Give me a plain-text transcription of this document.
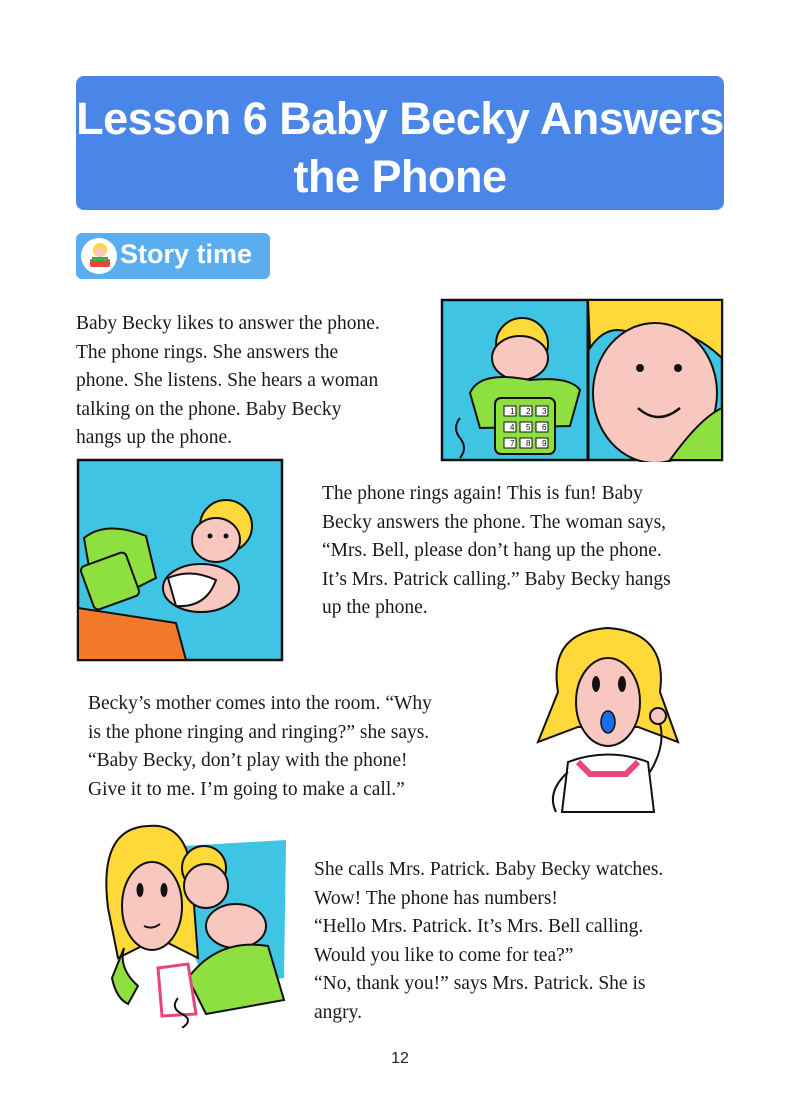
Lesson 6 Baby Becky Answers
the Phone
Story time
Baby Becky likes to answer the phone.
The phone rings. She answers the
phone. She listens. She hears a woman
talking on the phone. Baby Becky
hangs up the phone.
1 2 3
4 5 6
7 8 9
The phone rings again! This is fun! Baby
Becky answers the phone. The woman says,
“Mrs. Bell, please don’t hang up the phone.
It’s Mrs. Patrick calling.” Baby Becky hangs
up the phone.
Becky’s mother comes into the room. “Why
is the phone ringing and ringing?” she says.
“Baby Becky, don’t play with the phone!
Give it to me. I’m going to make a call.”
She calls Mrs. Patrick. Baby Becky watches.
Wow! The phone has numbers!
“Hello Mrs. Patrick. It’s Mrs. Bell calling.
Would you like to come for tea?”
“No, thank you!” says Mrs. Patrick. She is
angry.
12
